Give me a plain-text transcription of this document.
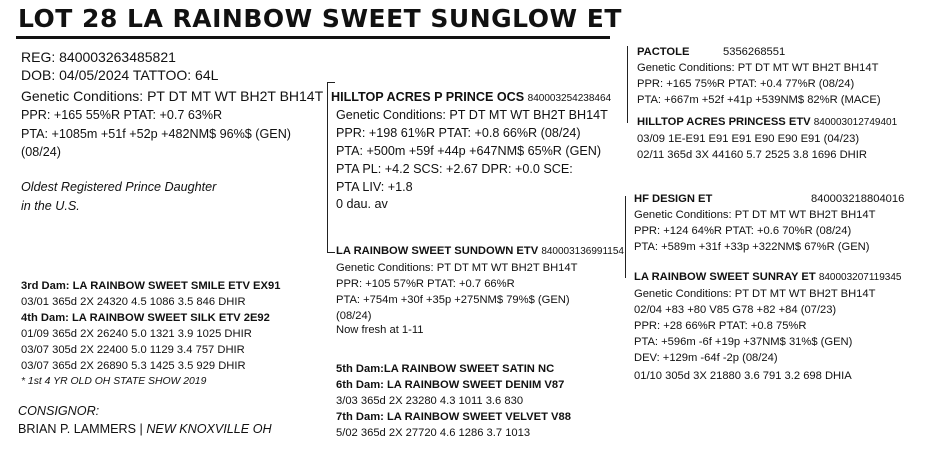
LOT 28 LA RAINBOW SWEET SUNGLOW ET
REG: 840003263485821
DOB: 04/05/2024 TATTOO: 64L
Genetic Conditions: PT DT MT WT BH2T BH14T
PPR: +165 55%R PTAT: +0.7 63%R
PTA: +1085m +51f +52p +482NM$ 96%$ (GEN)
(08/24)
Oldest Registered Prince Daughter
in the U.S.
3rd Dam: LA RAINBOW SWEET SMILE ETV EX91
03/01 365d 2X 24320 4.5 1086 3.5 846 DHIR
4th Dam: LA RAINBOW SWEET SILK ETV 2E92
01/09 365d 2X 26240 5.0 1321 3.9 1025 DHIR
03/07 305d 2X 22400 5.0 1129 3.4 757 DHIR
03/07 365d 2X 26890 5.3 1425 3.5 929 DHIR
* 1st 4 YR OLD OH STATE SHOW 2019
CONSIGNOR:
BRIAN P. LAMMERS | NEW KNOXVILLE OH
HILLTOP ACRES P PRINCE OCS 840003254238464
Genetic Conditions: PT DT MT WT BH2T BH14T
PPR: +198 61%R PTAT: +0.8 66%R (08/24)
PTA: +500m +59f +44p +647NM$ 65%R (GEN)
PTA PL: +4.2 SCS: +2.67 DPR: +0.0 SCE:
PTA LIV: +1.8
0 dau. av
LA RAINBOW SWEET SUNDOWN ETV 840003136991154
Genetic Conditions: PT DT MT WT BH2T BH14T
PPR: +105 57%R PTAT: +0.7 66%R
PTA: +754m +30f +35p +275NM$ 79%$ (GEN)
(08/24)
Now fresh at 1-11
5th Dam:LA RAINBOW SWEET SATIN NC
6th Dam: LA RAINBOW SWEET DENIM V87
3/03 365d 2X 23280 4.3 1011 3.6 830
7th Dam: LA RAINBOW SWEET VELVET V88
5/02 365d 2X 27720 4.6 1286 3.7 1013
PACTOLE	5356268551
Genetic Conditions: PT DT MT WT BH2T BH14T
PPR: +165 75%R PTAT: +0.4 77%R (08/24)
PTA: +667m +52f +41p +539NM$ 82%R (MACE)
HILLTOP ACRES PRINCESS ETV 840003012749401
03/09 1E-E91 E91 E91 E90 E90 E91 (04/23)
02/11 365d 3X 44160 5.7 2525 3.8 1696 DHIR
HF DESIGN ET	840003218804016
Genetic Conditions: PT DT MT WT BH2T BH14T
PPR: +124 64%R PTAT: +0.6 70%R (08/24)
PTA: +589m +31f +33p +322NM$ 67%R (GEN)
LA RAINBOW SWEET SUNRAY ET 840003207119345
Genetic Conditions: PT DT MT WT BH2T BH14T
02/04 +83 +80 V85 G78 +82 +84 (07/23)
PPR: +28 66%R PTAT: +0.8 75%R
PTA: +596m -6f +19p +37NM$ 31%$ (GEN)
DEV: +129m -64f -2p (08/24)
01/10 305d 3X 21880 3.6 791 3.2 698 DHIA
